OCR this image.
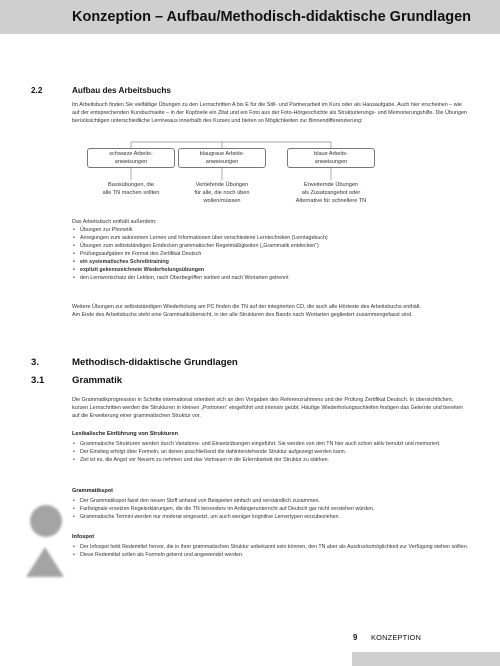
Konzeption – Aufbau/Methodisch-didaktische Grundlagen
2.2	Aufbau des Arbeitsbuchs

Im Arbeitsbuch finden Sie vielfältige Übungen zu den Lernschritten A bis E für die Still- und Partnerarbeit im Kurs oder als Hausaufgabe. Auch hier erscheinen – wie auf der entsprechenden Kursbuchseite – in der Kopfzeile ein Zitat und ein Foto aus der Foto-Hörgeschichte als Strukturierungs- und Memorierungshilfe. Die Übungen berücksichtigen unterschiedliche Lerniveaus innerhalb des Kurses und bieten so Möglichkeiten zur Binnendifferenzierung:

schwarze Arbeits-
anweisungen
blaugraue Arbeits-
anweisungen
blaue Arbeits-
anweisungen
Basisübungen, die
alle TN machen sollten
Vertiefende Übungen
für alle, die noch üben
wollen/müssen
Erweiternde Übungen
als Zusatzangebot oder
Alternative für schnellere TN

Das Arbeitsbuch enthält außerdem:

• Übungen zur Phonetik
• Anregungen zum autonomen Lernen und Informationen über verschiedene Lerntechniken (Lerntagebuch)
• Übungen zum selbstständigen Entdecken grammatischer Regelmäßigkeiten („Grammatik entdecken“)
• Prüfungsaufgaben im Format des Zertifikat Deutsch
• ein systematisches Schreibtraining
• explizit gekennzeichnete Wiederholungsübungen
• den Lernwortschatz der Lektion, nach Oberbegriffen sortiert und nach Wortarten getrennt

Weitere Übungen zur selbstständigen Wiederholung am PC finden die TN auf der integrierten CD, die auch alle Hörtexte des Arbeitsbuchs enthält.

Am Ende des Arbeitsbuchs steht eine Grammatikübersicht, in der alle Strukturen des Bands nach Wortarten gegliedert zusammengefasst sind.

3.	Methodisch-didaktische Grundlagen
3.1	Grammatik

Die Grammatikprogression in Schritte international orientiert sich an den Vorgaben des Referenzrahmens und der Prüfung Zertifikat Deutsch. In übersichtlichen, kurzen Lernschritten werden die Strukturen in kleinen „Portionen“ eingeführt und intensiv geübt. Häufige Wiederholungsschleifen festigen das Gelernte und bereiten auf die Erweiterung einer grammatischen Struktur vor.

Lexikalische Einführung von Strukturen
• Grammatische Strukturen werden durch Variations- und Einsetzübungen eingeführt. Sie werden von den TN hier auch schon aktiv benutzt und memoriert.
• Der Einstieg erfolgt über Formeln, an denen anschließend die dahinterstehende Struktur aufgezeigt werden kann.
• Ziel ist es, die Angst vor Neuem zu nehmen und das Vertrauen in die Erlernbarkeit der Struktur zu stärken.
Grammatikspot
• Der Grammatikspot fasst den neuen Stoff anhand von Beispielen einfach und verständlich zusammen.
• Farbsignale ersetzen Regelerklärungen, die die TN besonders im Anfängerunterricht auf Deutsch gar nicht verstehen würden.
• Grammatische Termini werden nur moderat eingesetzt, um auch weniger kognitive Lernertypen einzubeziehen.
Infospot
• Der Infospot hebt Redemittel hervor, die in ihrer grammatischen Struktur unbekannt sein können, den TN aber als Ausdrucksmöglichkeit zur Verfügung stehen sollten.
• Diese Redemittel sollen als Formeln gelernt und angewendet werden.
9 KONZEPTION
